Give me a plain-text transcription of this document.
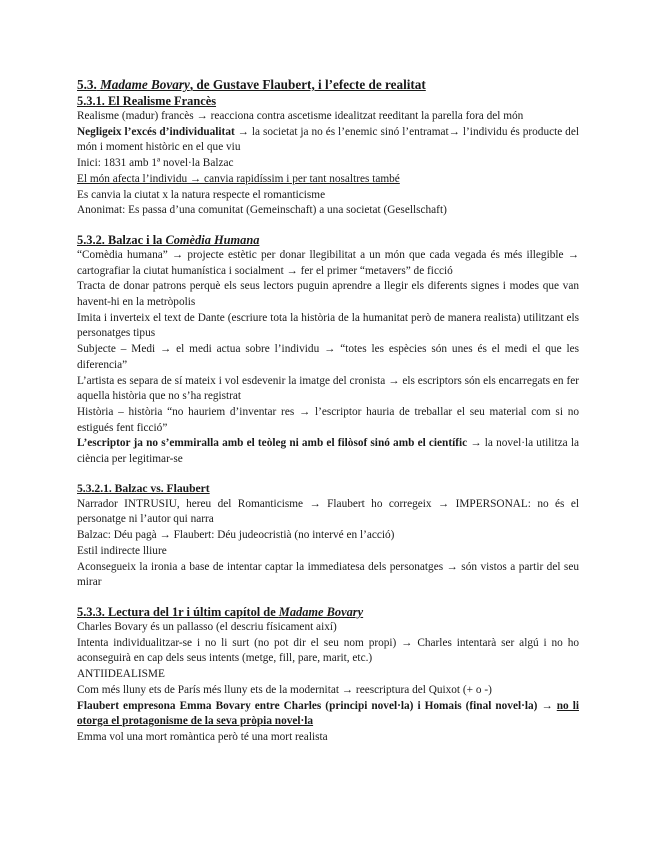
5.3. Madame Bovary, de Gustave Flaubert, i l’efecte de realitat

5.3.1. El Realisme Francès

Realisme (madur) francès → reacciona contra ascetisme idealitzat reeditant la parella fora del món

Negligeix l’excés d’individualitat → la societat ja no és l’enemic sinó l’entramat→ l’individu és producte del món i moment històric en el que viu

Inici: 1831 amb 1ª novel·la Balzac

El món afecta l’individu → canvia rapidíssim i per tant nosaltres també

Es canvia la ciutat x la natura respecte el romanticisme

Anonimat: Es passa d’una comunitat (Gemeinschaft) a una societat (Gesellschaft)

5.3.2. Balzac i la Comèdia Humana

“Comèdia humana” → projecte estètic per donar llegibilitat a un món que cada vegada és més illegible → cartografiar la ciutat humanística i socialment → fer el primer “metavers” de ficció

Tracta de donar patrons perquè els seus lectors puguin aprendre a llegir els diferents signes i modes que van havent-hi en la metròpolis

Imita i inverteix el text de Dante (escriure tota la història de la humanitat però de manera realista) utilitzant els personatges tipus

Subjecte – Medi → el medi actua sobre l’individu → “totes les espècies són unes és el medi el que les diferencia”

L’artista es separa de sí mateix i vol esdevenir la imatge del cronista → els escriptors són els encarregats en fer aquella història que no s’ha registrat

Història – història “no hauriem d’inventar res → l’escriptor hauria de treballar el seu material com si no estigués fent ficció”

L’escriptor ja no s’emmiralla amb el teòleg ni amb el filòsof sinó amb el científic → la novel·la utilitza la ciència per legitimar-se

5.3.2.1. Balzac vs. Flaubert

Narrador INTRUSIU, hereu del Romanticisme → Flaubert ho corregeix → IMPERSONAL: no és el personatge ni l’autor qui narra

Balzac: Déu pagà → Flaubert: Déu judeocristià (no intervé en l’acció)

Estil indirecte lliure

Aconsegueix la ironia a base de intentar captar la immediatesa dels personatges → són vistos a partir del seu mirar

5.3.3. Lectura del 1r i últim capítol de Madame Bovary

Charles Bovary és un pallasso (el descriu físicament així)

Intenta individualitzar-se i no li surt (no pot dir el seu nom propi) → Charles intentarà ser algú i no ho aconseguirà en cap dels seus intents (metge, fill, pare, marit, etc.)

ANTIIDEALISME

Com més lluny ets de París més lluny ets de la modernitat → reescriptura del Quixot (+ o -)

Flaubert empresona Emma Bovary entre Charles (principi novel·la) i Homais (final novel·la) → no li otorga el protagonisme de la seva pròpia novel·la

Emma vol una mort romàntica però té una mort realista
